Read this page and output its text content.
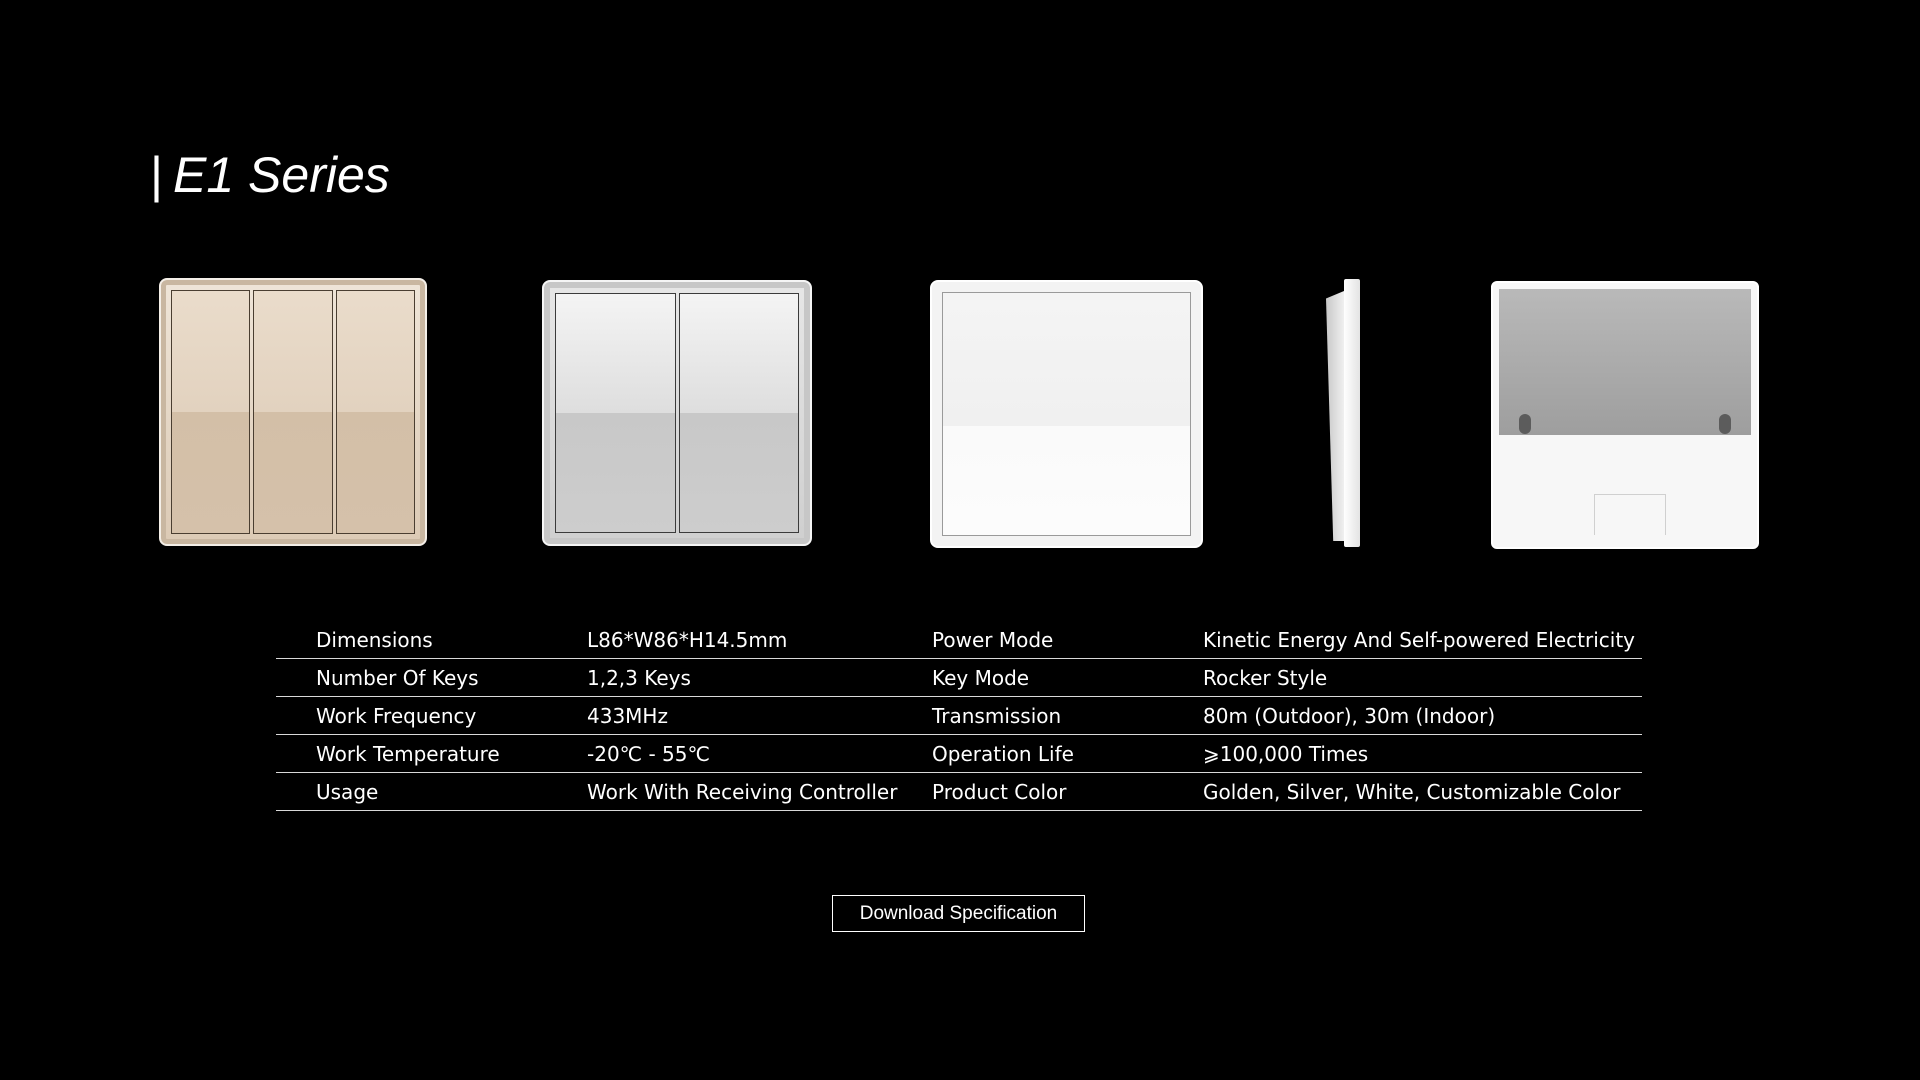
| E1 Series
Dimensions	L86*W86*H14.5mm	Power Mode	Kinetic Energy And Self-powered Electricity
Number Of Keys	1,2,3 Keys	Key Mode	Rocker Style
Work Frequency	433MHz	Transmission	80m (Outdoor), 30m (Indoor)
Work Temperature	-20℃ - 55℃	Operation Life	⩾100,000 Times
Usage	Work With Receiving Controller	Product Color	Golden, Silver, White, Customizable Color
Download Specification
